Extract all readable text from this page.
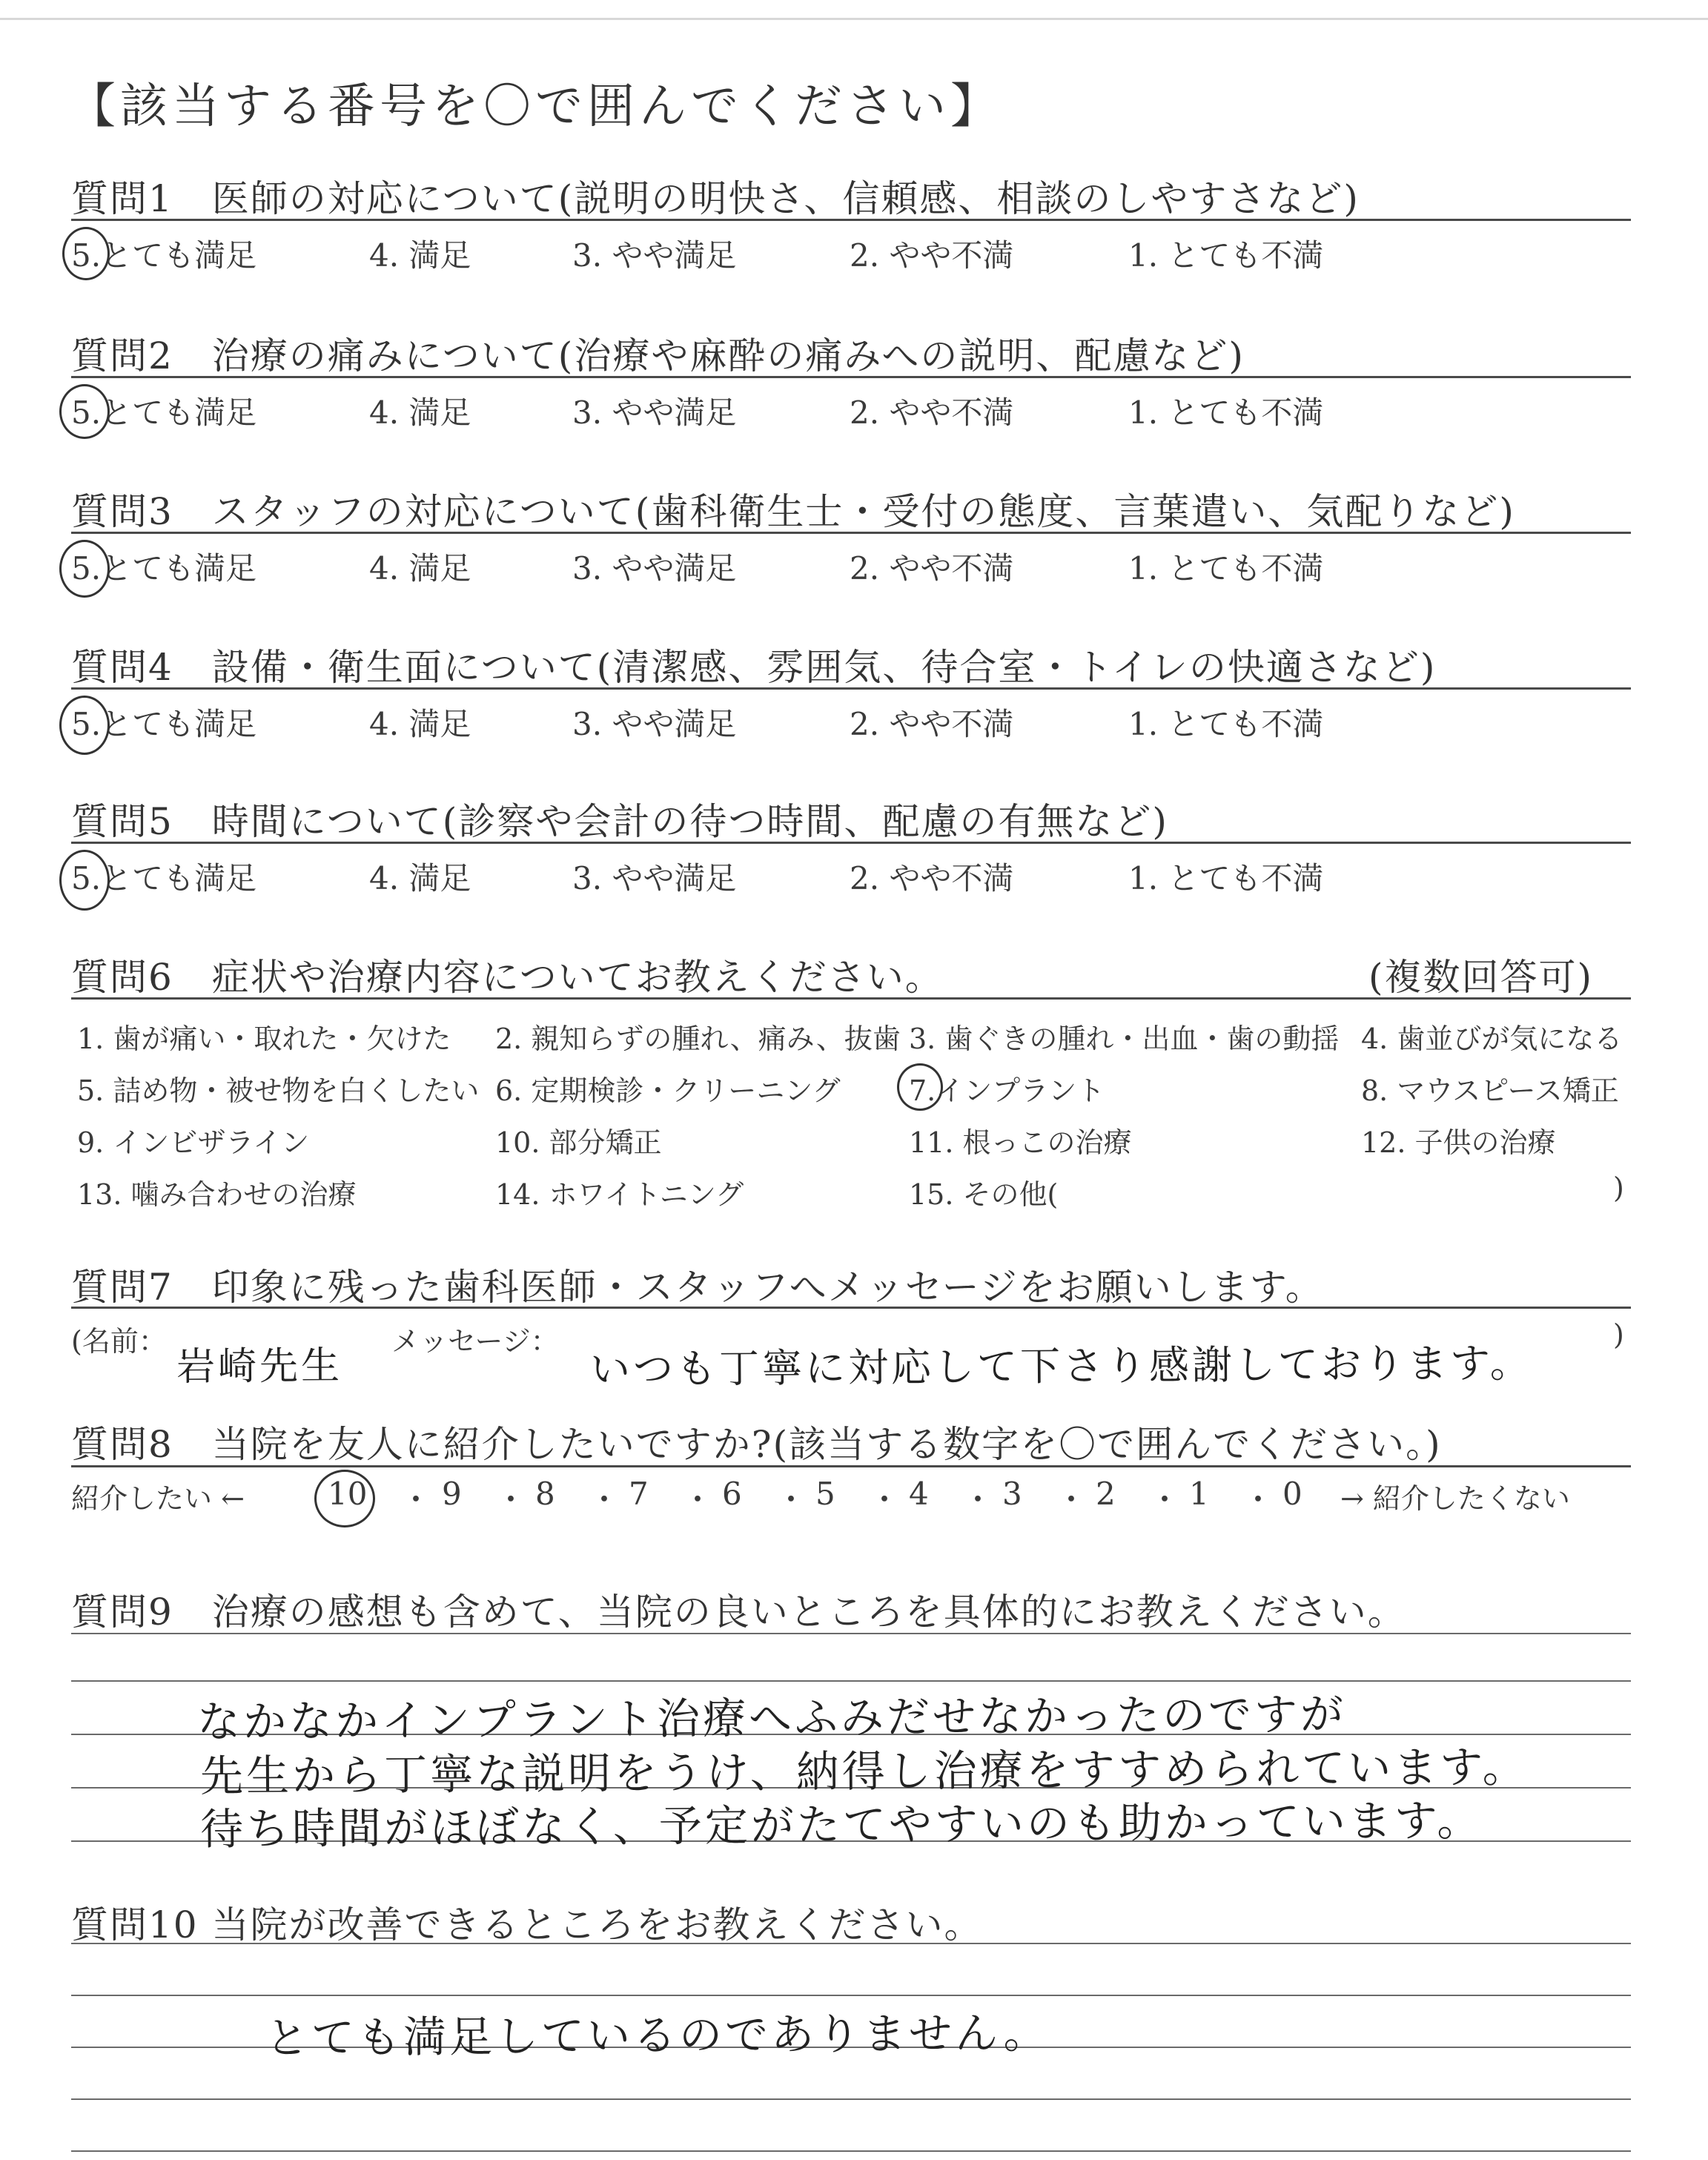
【該当する番号を〇で囲んでください】
質問1　医師の対応について(説明の明快さ、信頼感、相談のしやすさなど)
5.とても満足	4. 満足	3. やや満足	2. やや不満	1. とても不満
質問2　治療の痛みについて(治療や麻酔の痛みへの説明、配慮など)
5.とても満足	4. 満足	3. やや満足	2. やや不満	1. とても不満
質問3　スタッフの対応について(歯科衛生士・受付の態度、言葉遣い、気配りなど)
5.とても満足	4. 満足	3. やや満足	2. やや不満	1. とても不満
質問4　設備・衛生面について(清潔感、雰囲気、待合室・トイレの快適さなど)
5.とても満足	4. 満足	3. やや満足	2. やや不満	1. とても不満
質問5　時間について(診察や会計の待つ時間、配慮の有無など)
5.とても満足	4. 満足	3. やや満足	2. やや不満	1. とても不満
質問6　症状や治療内容についてお教えください。	(複数回答可)
1. 歯が痛い・取れた・欠けた 2. 親知らずの腫れ、痛み、抜歯 3. 歯ぐきの腫れ・出血・歯の動揺 4. 歯並びが気になる
5. 詰め物・被せ物を白くしたい 6. 定期検診・クリーニング 7.インプラント	8. マウスピース矯正
9. インビザライン	10. 部分矯正	11. 根っこの治療	12. 子供の治療
13. 噛み合わせの治療	14. ホワイトニング	15. その他(	)
質問7　印象に残った歯科医師・スタッフへメッセージをお願いします。
(名前：
岩崎先生
メッセージ： いつも丁寧に対応して下さり感謝しております。
)
質問8　当院を友人に紹介したいですか?(該当する数字を〇で囲んでください。)
紹介したい ←	10 ・ 9 ・ 8 ・ 7 ・ 6 ・ 5 ・ 4 ・ 3 ・ 2 ・ 1 ・ 0 → 紹介したくない
質問9　治療の感想も含めて、当院の良いところを具体的にお教えください。
なかなかインプラント治療へふみだせなかったのですが
先生から丁寧な説明をうけ、納得し治療をすすめられています。
待ち時間がほぼなく、予定がたてやすいのも助かっています。
質問10 当院が改善できるところをお教えください。
とても満足しているのでありません。
